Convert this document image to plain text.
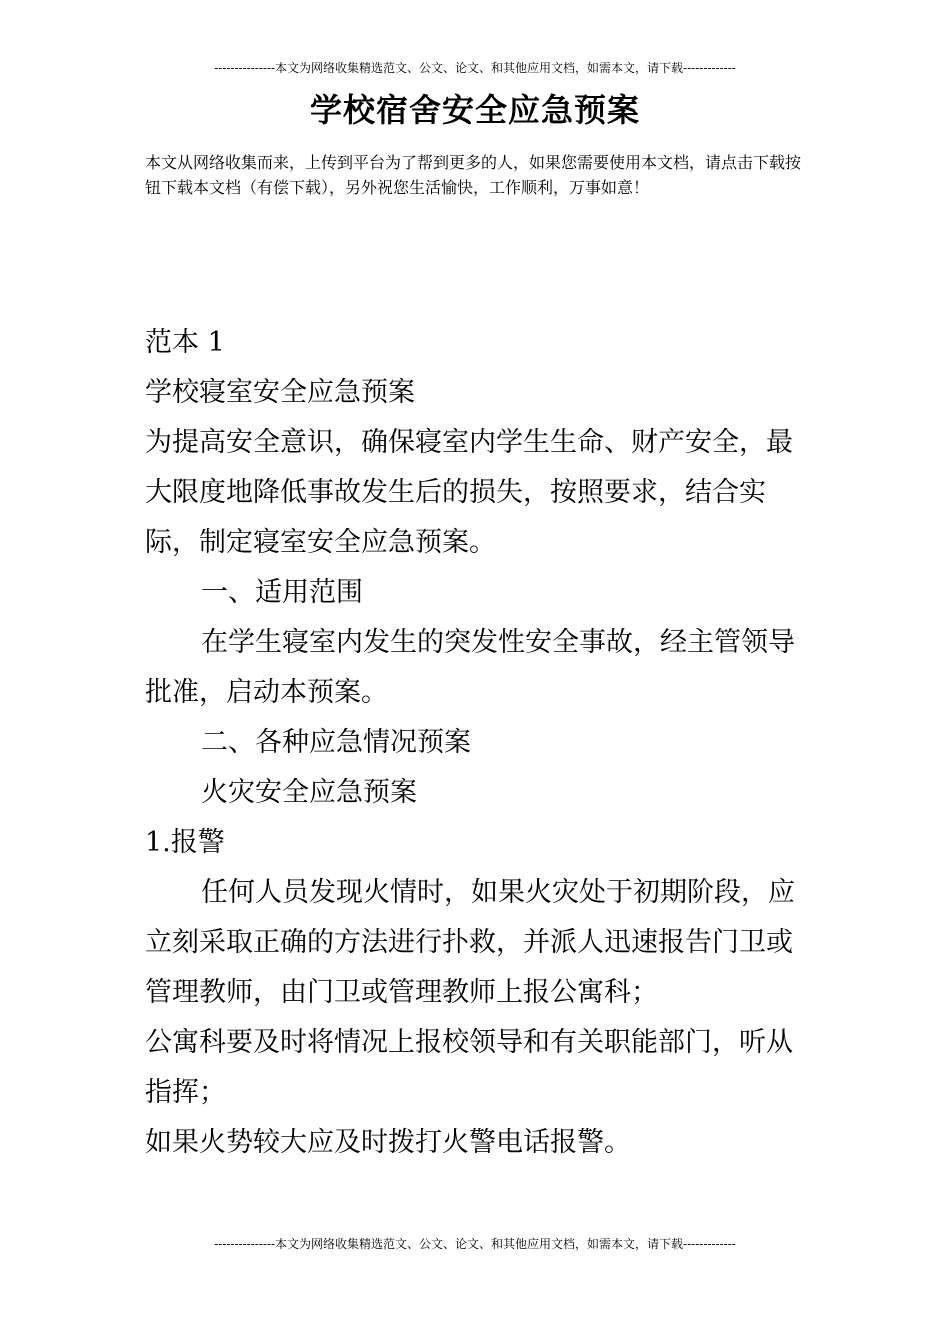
---------------本文为网络收集精选范文、公文、论文、和其他应用文档，如需本文，请下载-------------
学校宿舍安全应急预案
本文从网络收集而来，上传到平台为了帮到更多的人，如果您需要使用本文档，请点击下载按钮下载本文档（有偿下载），另外祝您生活愉快，工作顺利，万事如意！

范本 1

学校寝室安全应急预案

为提高安全意识，确保寝室内学生生命、财产安全，最大限度地降低事故发生后的损失，按照要求，结合实际，制定寝室安全应急预案。

一、适用范围

在学生寝室内发生的突发性安全事故，经主管领导批准，启动本预案。

二、各种应急情况预案

火灾安全应急预案

1.报警

任何人员发现火情时，如果火灾处于初期阶段，应立刻采取正确的方法进行扑救，并派人迅速报告门卫或管理教师，由门卫或管理教师上报公寓科；

公寓科要及时将情况上报校领导和有关职能部门，听从指挥；

如果火势较大应及时拨打火警电话报警。

---------------本文为网络收集精选范文、公文、论文、和其他应用文档，如需本文，请下载-------------
